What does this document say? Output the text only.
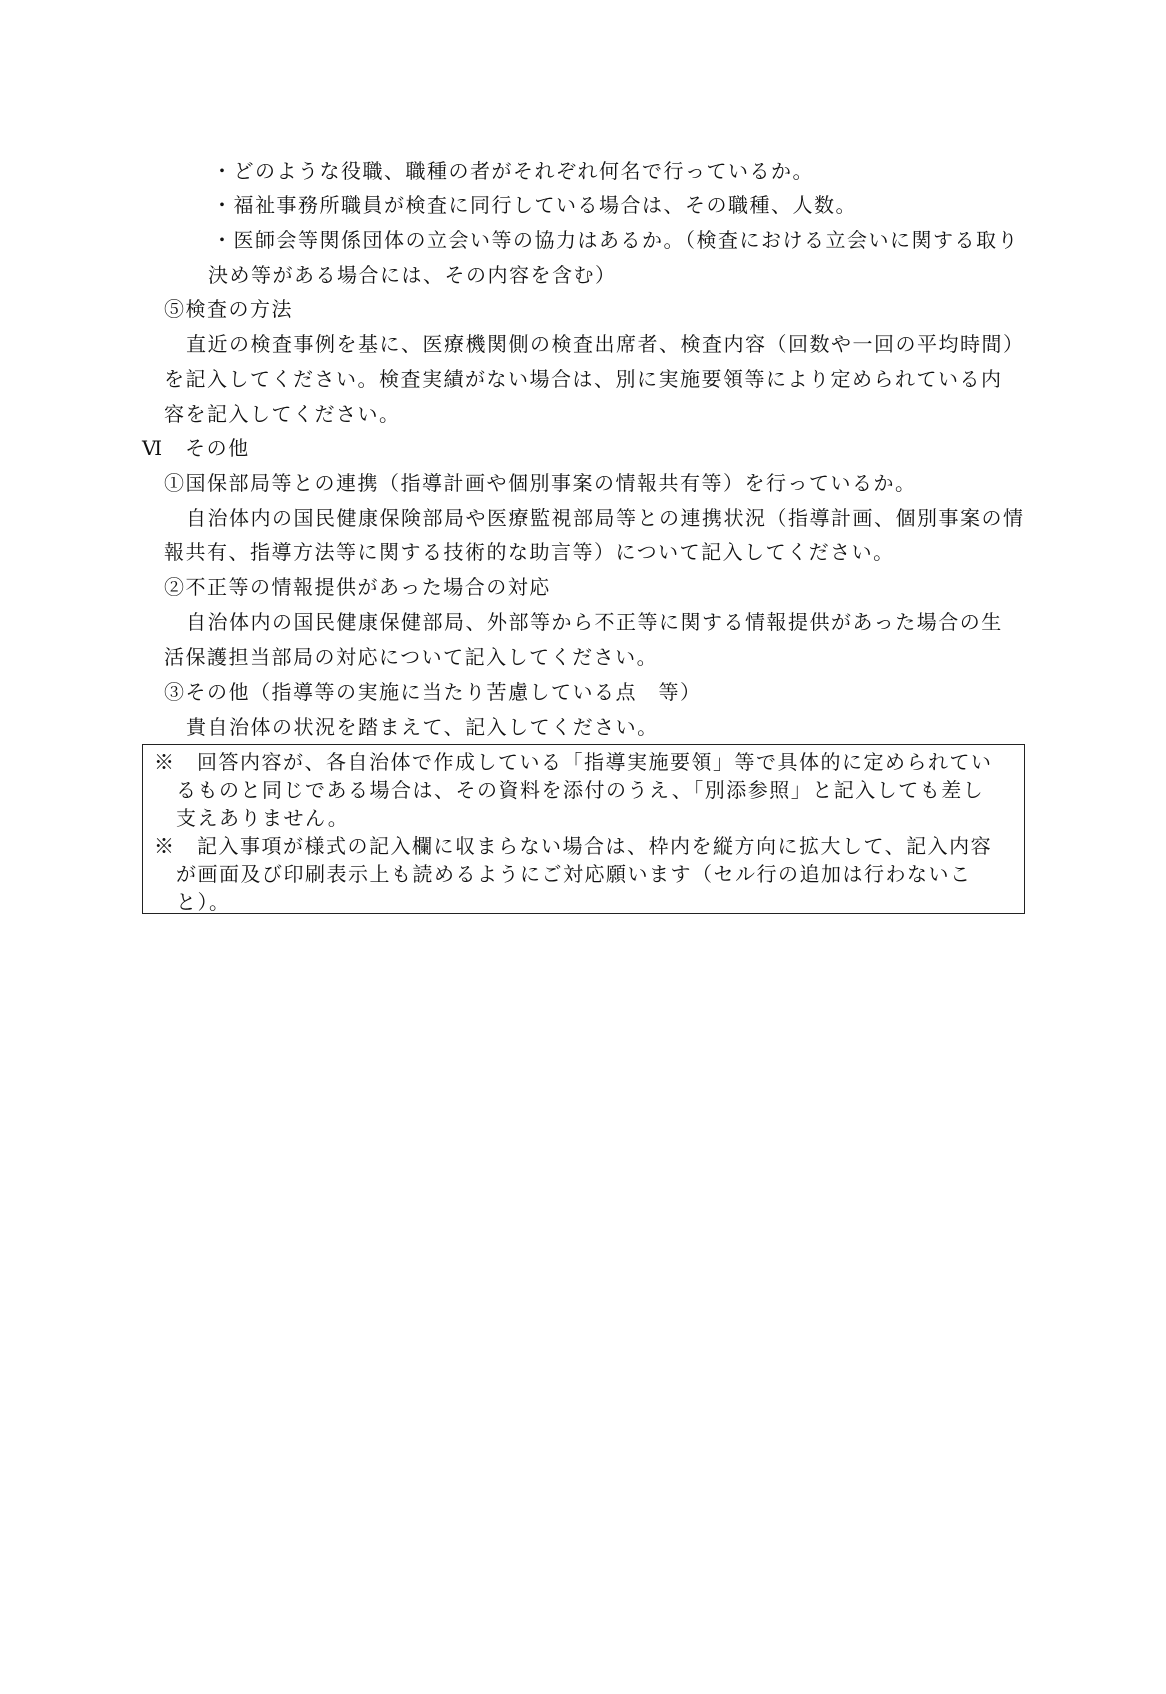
・どのような役職、職種の者がそれぞれ何名で行っているか。

・福祉事務所職員が検査に同行している場合は、その職種、人数。

・医師会等関係団体の立会い等の協力はあるか。（検査における立会いに関する取り

決め等がある場合には、その内容を含む）

⑤検査の方法

直近の検査事例を基に、医療機関側の検査出席者、検査内容（回数や一回の平均時間）

を記入してください。検査実績がない場合は、別に実施要領等により定められている内

容を記入してください。

Ⅵ　その他

①国保部局等との連携（指導計画や個別事案の情報共有等）を行っているか。

自治体内の国民健康保険部局や医療監視部局等との連携状況（指導計画、個別事案の情

報共有、指導方法等に関する技術的な助言等）について記入してください。

②不正等の情報提供があった場合の対応

自治体内の国民健康保健部局、外部等から不正等に関する情報提供があった場合の生

活保護担当部局の対応について記入してください。

③その他（指導等の実施に当たり苦慮している点　等）

貴自治体の状況を踏まえて、記入してください。

※　回答内容が、各自治体で作成している「指導実施要領」等で具体的に定められてい

るものと同じである場合は、その資料を添付のうえ、「別添参照」と記入しても差し

支えありません。

※　記入事項が様式の記入欄に収まらない場合は、枠内を縦方向に拡大して、記入内容

が画面及び印刷表示上も読めるようにご対応願います（セル行の追加は行わないこ

と）。
